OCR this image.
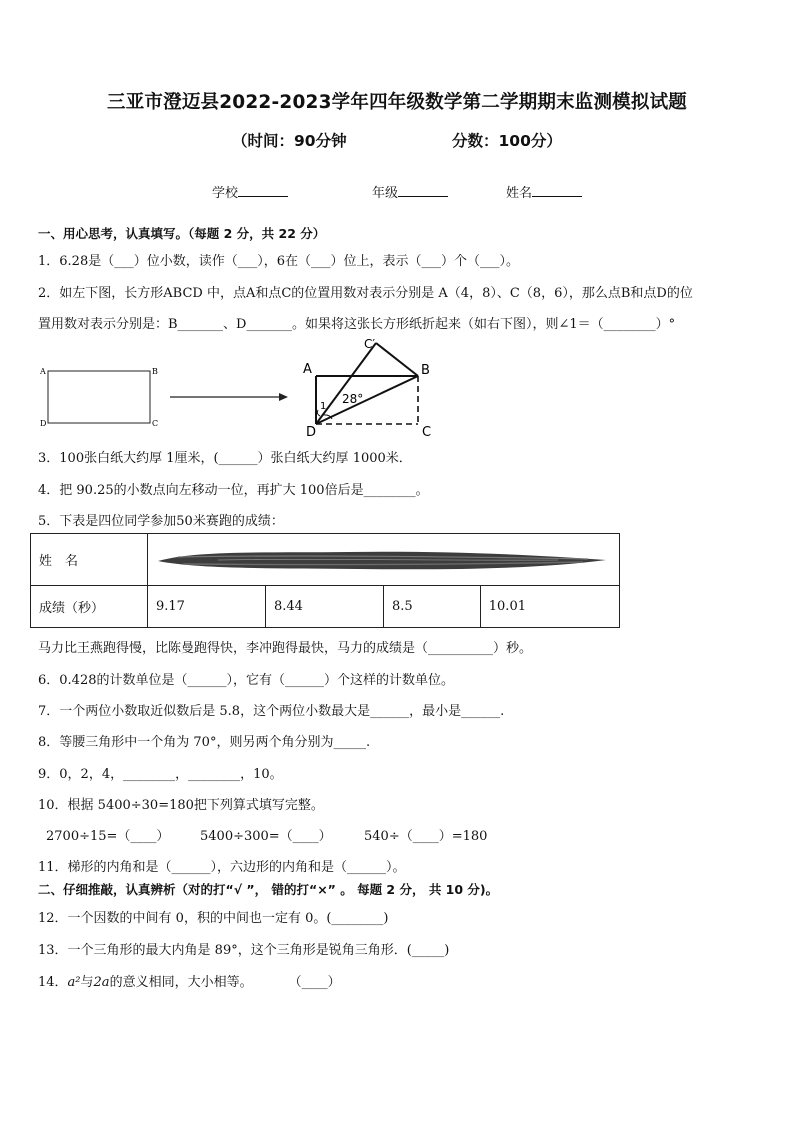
三亚市澄迈县2022-2023学年四年级数学第二学期期末监测模拟试题
（时间：90分钟	分数：100分）
学校	年级	姓名
一、用心思考，认真填写。（每题 2 分，共 22 分）
1．6.28是（___）位小数，读作（___），6在（___）位上，表示（___）个（___）。
2．如左下图，长方形ABCD 中，点A和点C的位置用数对表示分别是 A（4，8）、C（8，6），那么点B和点D的位
置用数对表示分别是：B_______、D_______。如果将这张长方形纸折起来（如右下图），则∠1＝（________）°
A	B
D	C
A	B
C
D
C′
1
28°
3．100张白纸大约厚 1厘米，(______）张白纸大约厚 1000米．
4．把 90.25的小数点向左移动一位，再扩大 100倍后是________。
5．下表是四位同学参加50米赛跑的成绩：
姓　名				
成绩（秒）	9.17	8.44	8.5	10.01
马力比王燕跑得慢，比陈曼跑得快，李冲跑得最快，马力的成绩是（__________）秒。
6．0.428的计数单位是（______），它有（______）个这样的计数单位。
7．一个两位小数取近似数后是 5.8，这个两位小数最大是______，最小是______.
8．等腰三角形中一个角为 70°，则另两个角分别为_____.
9．0，2，4，________，________，10。
10．根据 5400÷30=180把下列算式填写完整。
2700÷15=（____） 5400÷300=（____） 540÷（____）=180
11．梯形的内角和是（______），六边形的内角和是（______）。
二、仔细推敲，认真辨析（对的打“√ ”， 错的打“×” 。 每题 2 分， 共 10 分)。
12．一个因数的中间有 0，积的中间也一定有 0。(________)
13．一个三角形的最大内角是 89°，这个三角形是锐角三角形．(_____)
14．a²与2a的意义相同，大小相等。	（____）
